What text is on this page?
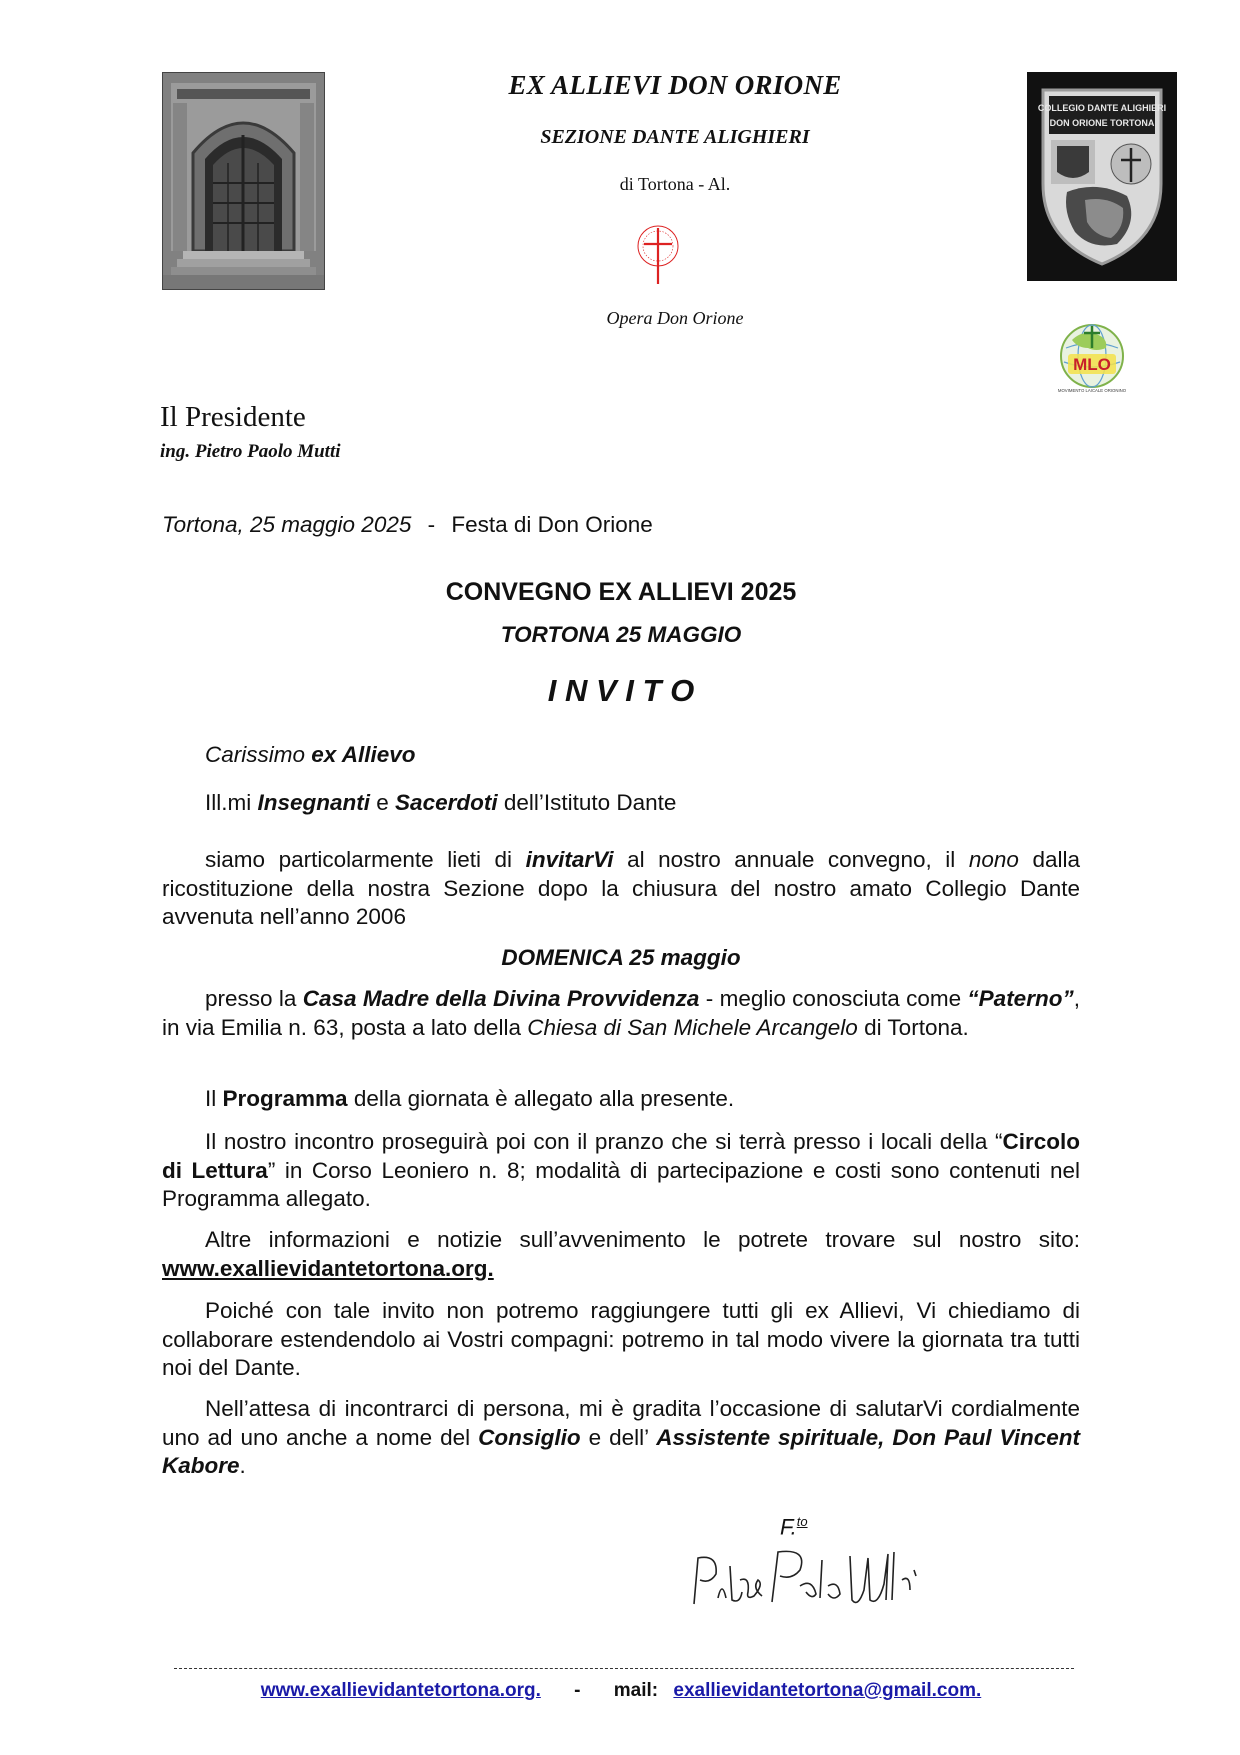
EX ALLIEVI DON ORIONE
SEZIONE DANTE ALIGHIERI
di Tortona - Al.
Opera Don Orione
COLLEGIO DANTE ALIGHIERI
DON ORIONE TORTONA
MLO
MOVIMENTO LAICALE ORIONINO
Il Presidente
ing. Pietro Paolo Mutti
Tortona, 25 maggio 2025 - Festa di Don Orione
CONVEGNO EX ALLIEVI 2025
TORTONA 25 MAGGIO
I N V I T O
Carissimo ex Allievo
Ill.mi Insegnanti e Sacerdoti dell’Istituto Dante
siamo particolarmente lieti di invitarVi al nostro annuale convegno, il nono dalla ricostituzione della nostra Sezione dopo la chiusura del nostro amato Collegio Dante avvenuta nell’anno 2006
DOMENICA 25 maggio
presso la Casa Madre della Divina Provvidenza - meglio conosciuta come “Paterno”, in via Emilia n. 63, posta a lato della Chiesa di San Michele Arcangelo di Tortona.
Il Programma della giornata è allegato alla presente.
Il nostro incontro proseguirà poi con il pranzo che si terrà presso i locali della “Circolo di Lettura” in Corso Leoniero n. 8; modalità di partecipazione e costi sono contenuti nel Programma allegato.
Altre informazioni e notizie sull’avvenimento le potrete trovare sul nostro sito: www.exallievidantetortona.org.
Poiché con tale invito non potremo raggiungere tutti gli ex Allievi, Vi chiediamo di collaborare estendendolo ai Vostri compagni: potremo in tal modo vivere la giornata tra tutti noi del Dante.
Nell’attesa di incontrarci di persona, mi è gradita l’occasione di salutarVi cordialmente uno ad uno anche a nome del Consiglio e dell’ Assistente spirituale, Don Paul Vincent Kabore.
F.$^{to}$
www.exallievidantetortona.org. - mail: exallievidantetortona@gmail.com.
